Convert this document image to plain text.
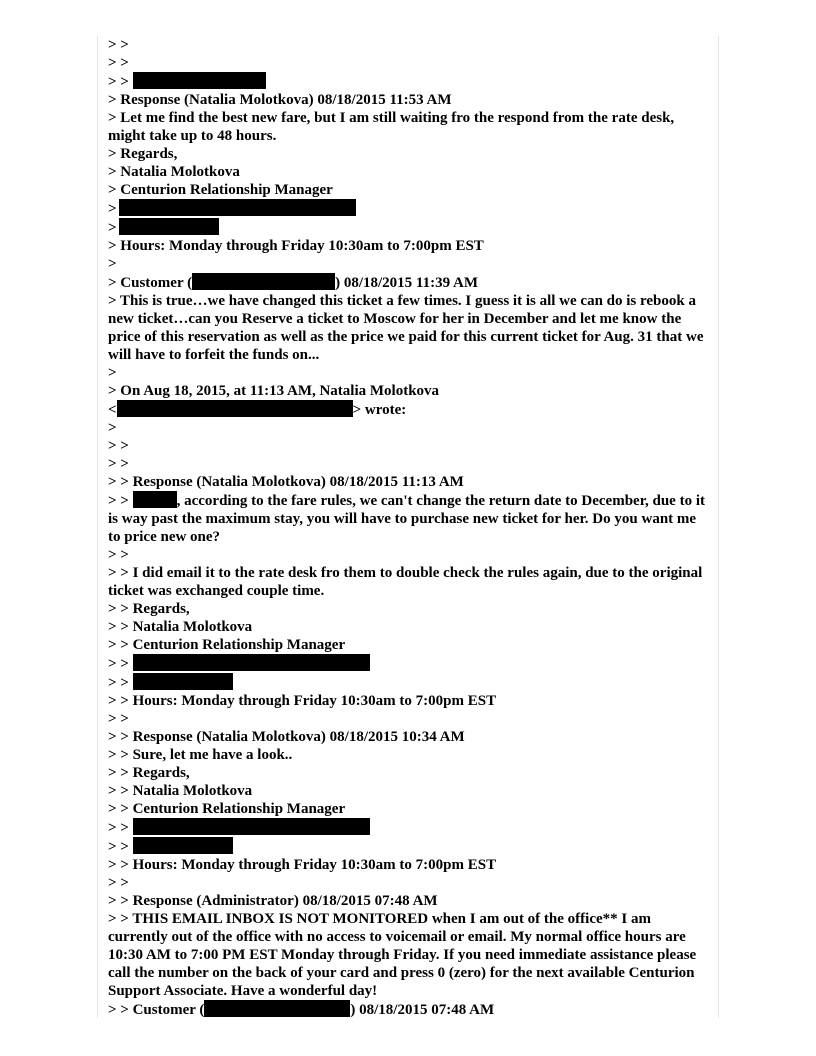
> >
> >
> >
> Response (Natalia Molotkova) 08/18/2015 11:53 AM
> Let me find the best new fare, but I am still waiting fro the respond from the rate desk, might take up to 48 hours.
> Regards,
> Natalia Molotkova
> Centurion Relationship Manager
>
>
> Hours: Monday through Friday 10:30am to 7:00pm EST
>
> Customer (	) 08/18/2015 11:39 AM
> This is true…we have changed this ticket a few times. I guess it is all we can do is rebook a new ticket…can you Reserve a ticket to Moscow for her in December and let me know the price of this reservation as well as the price we paid for this current ticket for Aug. 31 that we will have to forfeit the funds on...
>
> On Aug 18, 2015, at 11:13 AM, Natalia Molotkova
<	> wrote:
>
> >
> >
> > Response (Natalia Molotkova) 08/18/2015 11:13 AM
> >	, according to the fare rules, we can't change the return date to December, due to it is way past the maximum stay, you will have to purchase new ticket for her. Do you want me to price new one?
> >
> > I did email it to the rate desk fro them to double check the rules again, due to the original ticket was exchanged couple time.
> > Regards,
> > Natalia Molotkova
> > Centurion Relationship Manager
> >
> >
> > Hours: Monday through Friday 10:30am to 7:00pm EST
> >
> > Response (Natalia Molotkova) 08/18/2015 10:34 AM
> > Sure, let me have a look..
> > Regards,
> > Natalia Molotkova
> > Centurion Relationship Manager
> >
> >
> > Hours: Monday through Friday 10:30am to 7:00pm EST
> >
> > Response (Administrator) 08/18/2015 07:48 AM
> > THIS EMAIL INBOX IS NOT MONITORED when I am out of the office** I am currently out of the office with no access to voicemail or email. My normal office hours are 10:30 AM to 7:00 PM EST Monday through Friday. If you need immediate assistance please call the number on the back of your card and press 0 (zero) for the next available Centurion Support Associate. Have a wonderful day!
> > Customer (	) 08/18/2015 07:48 AM
